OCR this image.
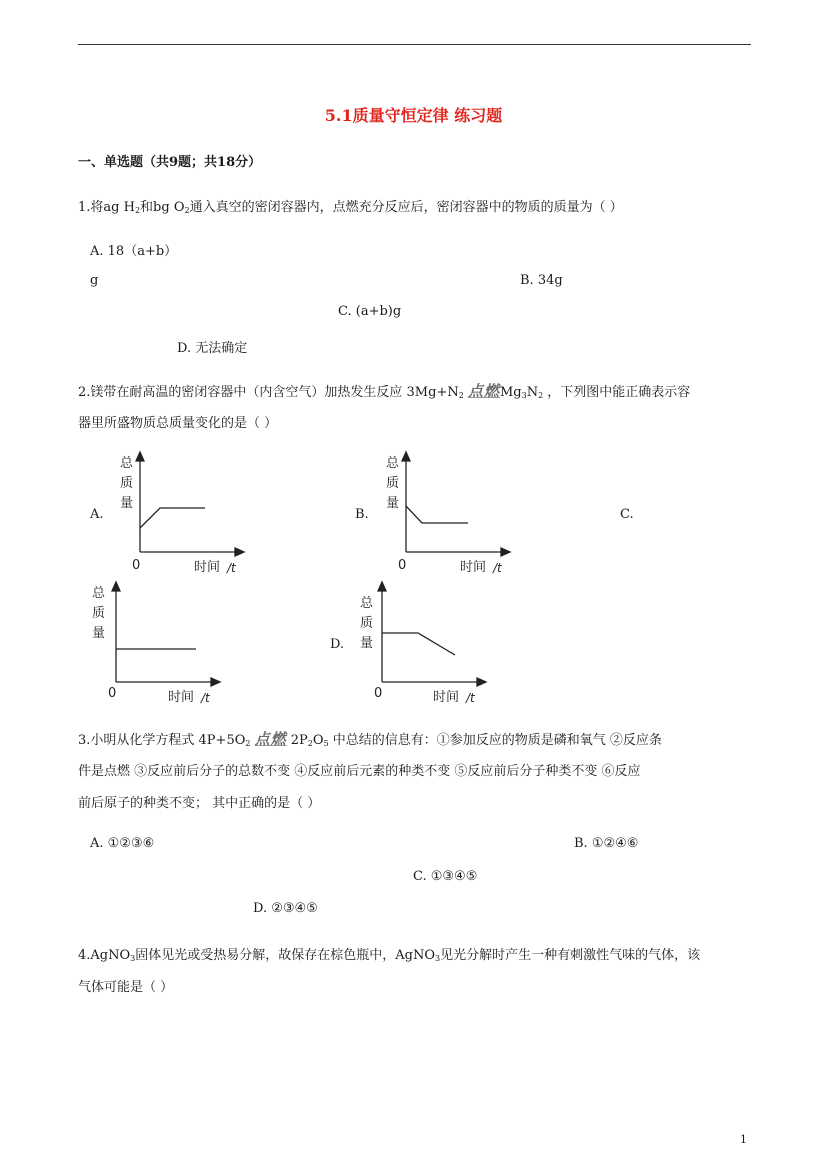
5.1质量守恒定律 练习题
一、单选题（共9题；共18分）
1.将ag $H_2$和bg $O_2$通入真空的密闭容器内，点燃充分反应后，密闭容器中的物质的质量为（ ）
A. 18（a+b）
g	B. 34g
C. (a+b)g
D. 无法确定
2.镁带在耐高温的密闭容器中（内含空气）加热发生反应 $3Mg+N_2$ 点燃$Mg_3N_2$ ，下列图中能正确表示容
器里所盛物质总质量变化的是（ ）
A.	B.	C.
D.
总
质
量
0	时间 /t
总
质
量
0	时间 /t
总
质
量
0	时间 /t
总
质
量
0	时间 /t
3.小明从化学方程式 $4P+5O_2$ 点燃 $2P_2O_5$ 中总结的信息有：①参加反应的物质是磷和氧气 ②反应条
件是点燃 ③反应前后分子的总数不变 ④反应前后元素的种类不变 ⑤反应前后分子种类不变 ⑥反应
前后原子的种类不变； 其中正确的是（ ）
A. ①②③⑥	B. ①②④⑥
C. ①③④⑤
D. ②③④⑤
4.AgNO$_3$固体见光或受热易分解，故保存在棕色瓶中，AgNO$_3$见光分解时产生一种有刺激性气味的气体，该
气体可能是（ ）
1
